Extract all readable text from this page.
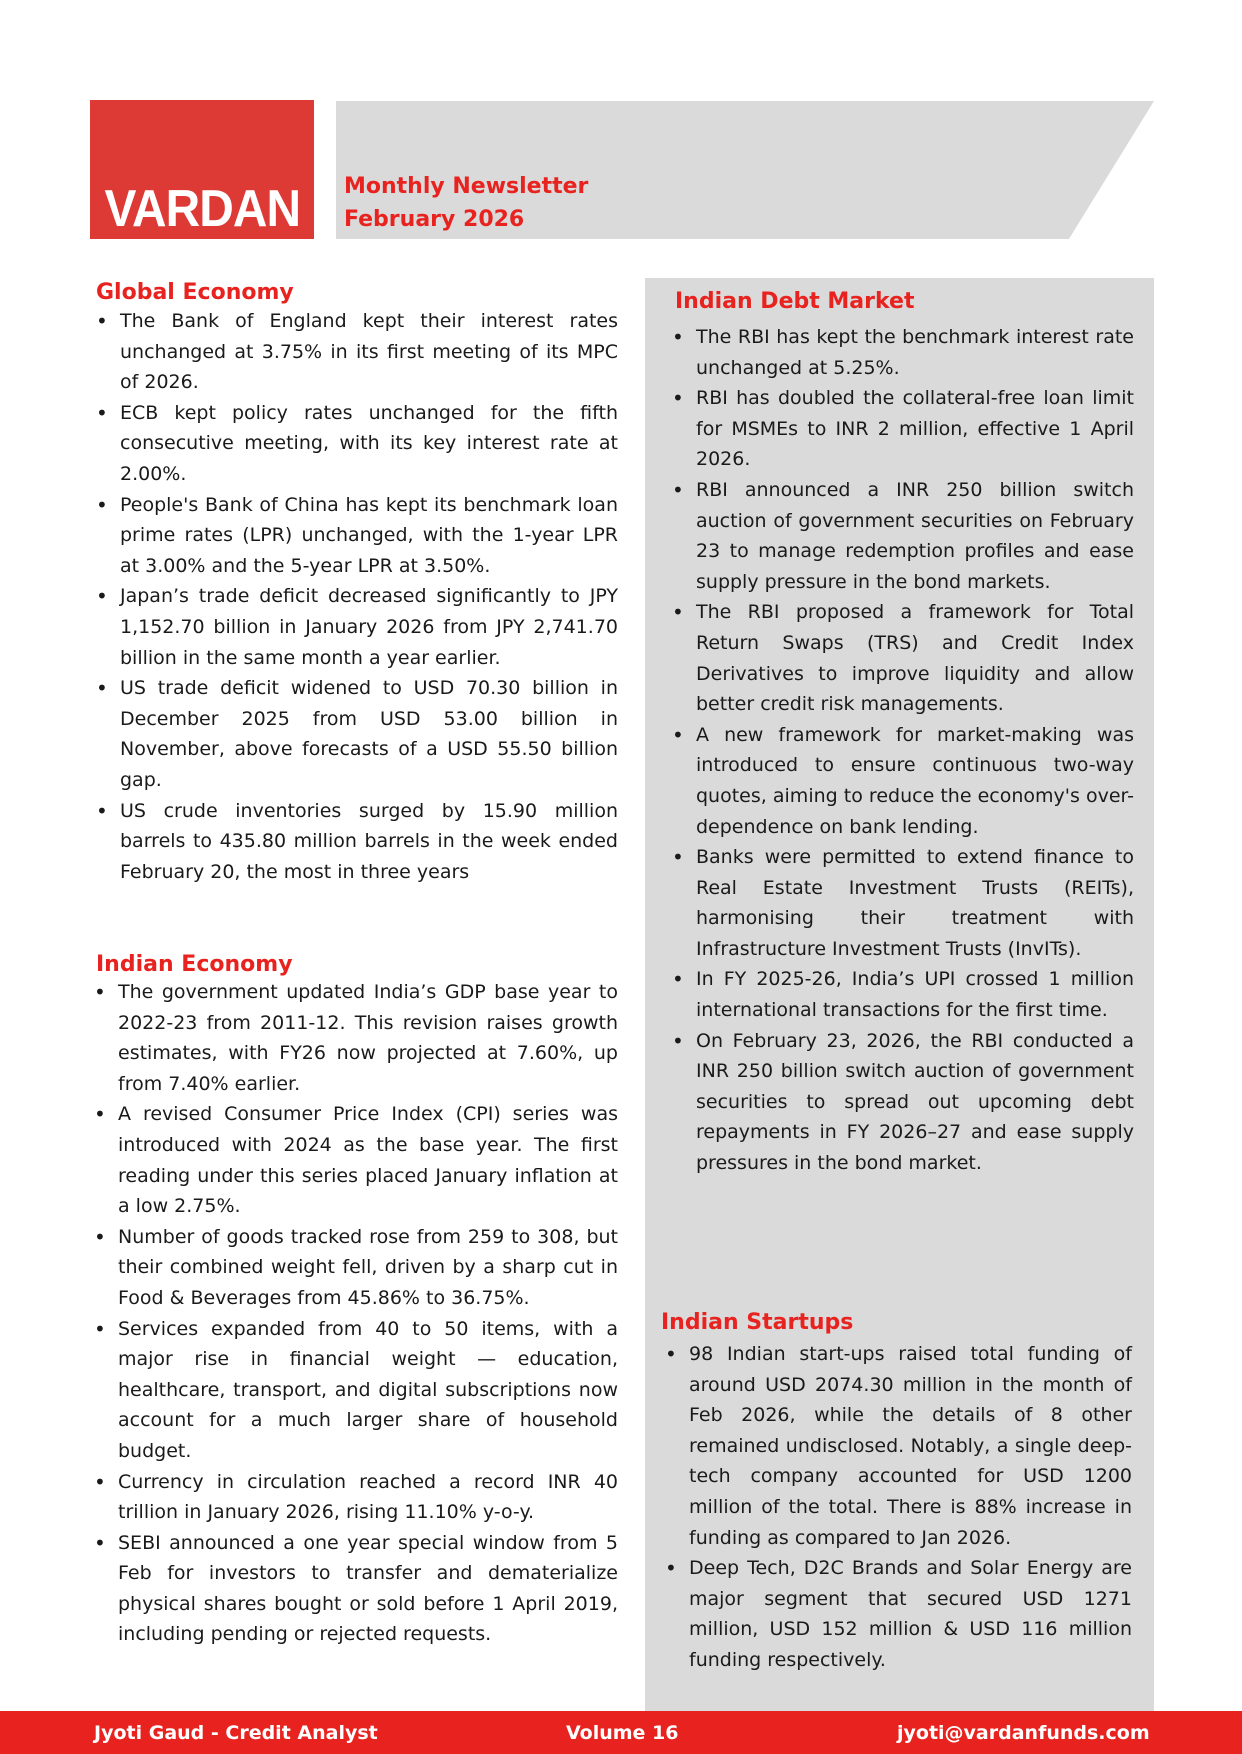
VARDAN Monthly Newsletter
February 2026
Global Economy
• The Bank of England kept their interest rates unchanged at 3.75% in its first meeting of its MPC of 2026.
• ECB kept policy rates unchanged for the fifth consecutive meeting, with its key interest rate at 2.00%.
• People's Bank of China has kept its benchmark loan prime rates (LPR) unchanged, with the 1-year LPR at 3.00% and the 5-year LPR at 3.50%.
• Japan’s trade deficit decreased significantly to JPY 1,152.70 billion in January 2026 from JPY 2,741.70 billion in the same month a year earlier.
• US trade deficit widened to USD 70.30 billion in December 2025 from USD 53.00 billion in November, above forecasts of a USD 55.50 billion gap.
• US crude inventories surged by 15.90 million barrels to 435.80 million barrels in the week ended February 20, the most in three years
Indian Economy
• The government updated India’s GDP base year to 2022-23 from 2011-12. This revision raises growth estimates, with FY26 now projected at 7.60%, up from 7.40% earlier.
• A revised Consumer Price Index (CPI) series was introduced with 2024 as the base year. The first reading under this series placed January inflation at a low 2.75%.
• Number of goods tracked rose from 259 to 308, but their combined weight fell, driven by a sharp cut in Food & Beverages from 45.86% to 36.75%.
• Services expanded from 40 to 50 items, with a major rise in financial weight — education, healthcare, transport, and digital subscriptions now account for a much larger share of household budget.
• Currency in circulation reached a record INR 40 trillion in January 2026, rising 11.10% y-o-y.
• SEBI announced a one year special window from 5 Feb for investors to transfer and dematerialize physical shares bought or sold before 1 April 2019, including pending or rejected requests.
Indian Debt Market
• The RBI has kept the benchmark interest rate unchanged at 5.25%.
• RBI has doubled the collateral-free loan limit for MSMEs to INR 2 million, effective 1 April 2026.
• RBI announced a INR 250 billion switch auction of government securities on February 23 to manage redemption profiles and ease supply pressure in the bond markets.
• The RBI proposed a framework for Total Return Swaps (TRS) and Credit Index Derivatives to improve liquidity and allow better credit risk managements.
• A new framework for market-making was introduced to ensure continuous two-way quotes, aiming to reduce the economy's over-dependence on bank lending.
• Banks were permitted to extend finance to Real Estate Investment Trusts (REITs), harmonising their treatment with Infrastructure Investment Trusts (InvITs).
• In FY 2025-26, India’s UPI crossed 1 million international transactions for the first time.
• On February 23, 2026, the RBI conducted a INR 250 billion switch auction of government securities to spread out upcoming debt repayments in FY 2026–27 and ease supply pressures in the bond market.
Indian Startups
• 98 Indian start-ups raised total funding of around USD 2074.30 million in the month of Feb 2026, while the details of 8 other remained undisclosed. Notably, a single deep-tech company accounted for USD 1200 million of the total. There is 88% increase in funding as compared to Jan 2026.
• Deep Tech, D2C Brands and Solar Energy are major segment that secured USD 1271 million, USD 152 million & USD 116 million funding respectively.
Jyoti Gaud - Credit Analyst	Volume 16	jyoti@vardanfunds.com
